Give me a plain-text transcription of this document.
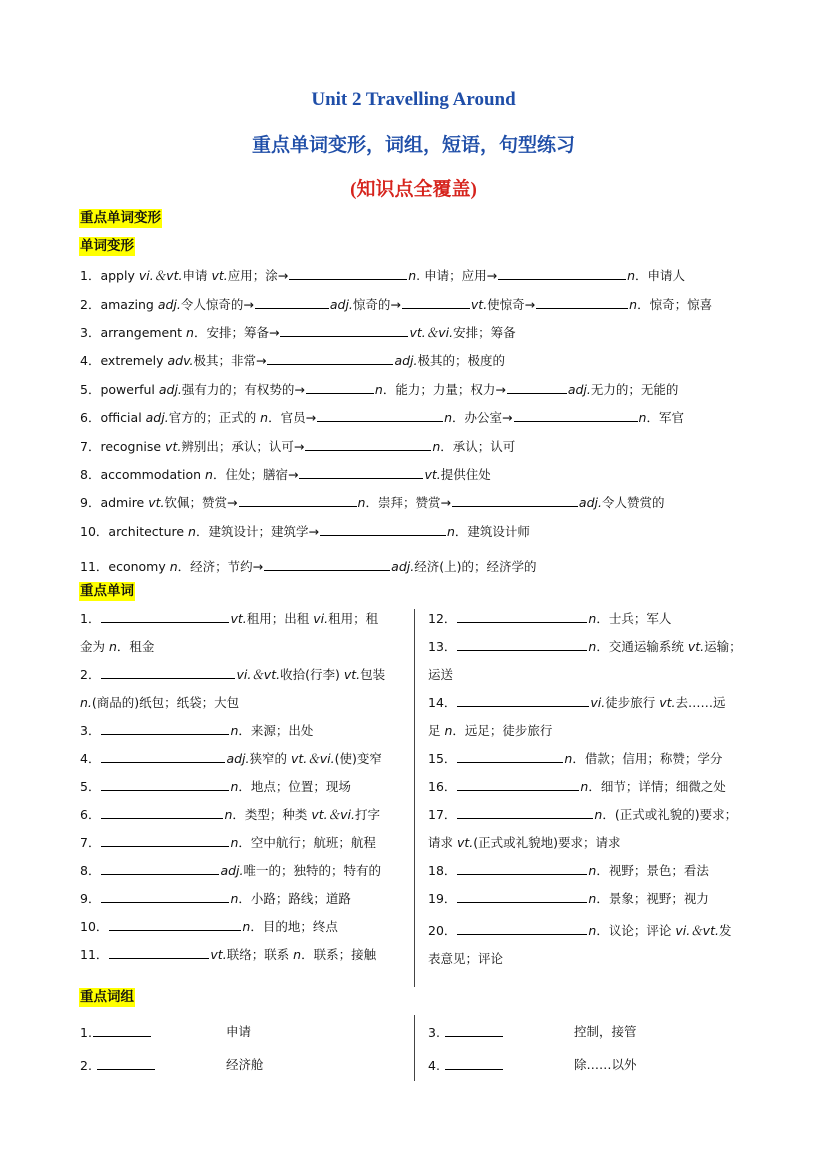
Unit 2 Travelling Around
重点单词变形，词组，短语，句型练习
(知识点全覆盖)
重点单词变形
单词变形
1．apply vi.＆vt.申请 vt.应用；涂→	n. 申请；应用→	n．申请人
2．amazing adj.令人惊奇的→	adj.惊奇的→	vt.使惊奇→	n．惊奇；惊喜
3．arrangement n．安排；筹备→	vt.＆vi.安排；筹备
4．extremely adv.极其；非常→	adj.极其的；极度的
5．powerful adj.强有力的；有权势的→	n．能力；力量；权力→	adj.无力的；无能的
6．official adj.官方的；正式的 n．官员→	n．办公室→	n．军官
7．recognise vt.辨别出；承认；认可→	n．承认；认可
8．accommodation n．住处；膳宿→	vt.提供住处
9．admire vt.钦佩；赞赏→	n．崇拜；赞赏→	adj.令人赞赏的
10．architecture n．建筑设计；建筑学→	n．建筑设计师
11．economy n．经济；节约→	adj.经济(上)的；经济学的
重点单词
1．	vt.租用；出租 vi.租用；租
金为 n．租金
2．	vi.＆vt.收拾(行李) vt.包装
n.(商品的)纸包；纸袋；大包
3．	n．来源；出处
4．	adj.狭窄的 vt.＆vi.(使)变窄
5．	n．地点；位置；现场
6．	n．类型；种类 vt.＆vi.打字
7．	n．空中航行；航班；航程
8．	adj.唯一的；独特的；特有的
9．	n．小路；路线；道路
10．	n．目的地；终点
11．	vt.联络；联系 n．联系；接触
12．	n．士兵；军人
13．	n．交通运输系统 vt.运输；
运送
14．	vi.徒步旅行 vt.去……远
足 n．远足；徒步旅行
15．	n．借款；信用；称赞；学分
16．	n．细节；详情；细微之处
17．	n．(正式或礼貌的)要求；
请求 vt.(正式或礼貌地)要求；请求
18．	n．视野；景色；看法
19．	n．景象；视野；视力
20．	n．议论；评论 vi.＆vt.发
表意见；评论
重点词组
1.	申请
2.	经济舱
3.	控制，接管
4.	除……以外
